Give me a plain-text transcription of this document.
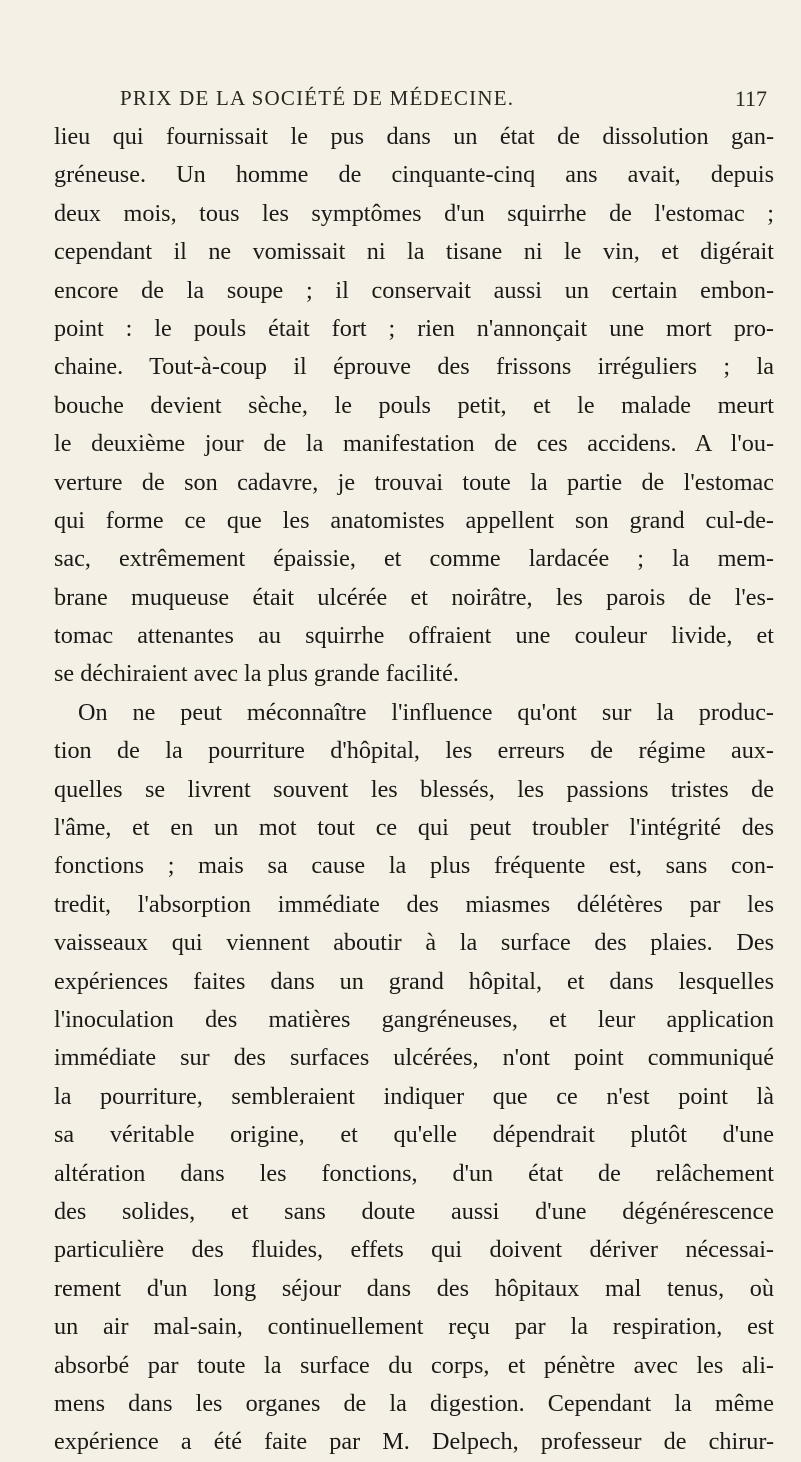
PRIX DE LA SOCIÉTÉ DE MÉDECINE.	117
lieu qui fournissait le pus dans un état de dissolution gan-
gréneuse. Un homme de cinquante-cinq ans avait, depuis
deux mois, tous les symptômes d'un squirrhe de l'estomac ;
cependant il ne vomissait ni la tisane ni le vin, et digérait
encore de la soupe ; il conservait aussi un certain embon-
point : le pouls était fort ; rien n'annonçait une mort pro-
chaine. Tout-à-coup il éprouve des frissons irréguliers ; la
bouche devient sèche, le pouls petit, et le malade meurt
le deuxième jour de la manifestation de ces accidens. A l'ou-
verture de son cadavre, je trouvai toute la partie de l'estomac
qui forme ce que les anatomistes appellent son grand cul-de-
sac, extrêmement épaissie, et comme lardacée ; la mem-
brane muqueuse était ulcérée et noirâtre, les parois de l'es-
tomac attenantes au squirrhe offraient une couleur livide, et
se déchiraient avec la plus grande facilité.
On ne peut méconnaître l'influence qu'ont sur la produc-
tion de la pourriture d'hôpital, les erreurs de régime aux-
quelles se livrent souvent les blessés, les passions tristes de
l'âme, et en un mot tout ce qui peut troubler l'intégrité des
fonctions ; mais sa cause la plus fréquente est, sans con-
tredit, l'absorption immédiate des miasmes délétères par les
vaisseaux qui viennent aboutir à la surface des plaies. Des
expériences faites dans un grand hôpital, et dans lesquelles
l'inoculation des matières gangréneuses, et leur application
immédiate sur des surfaces ulcérées, n'ont point communiqué
la pourriture, sembleraient indiquer que ce n'est point là
sa véritable origine, et qu'elle dépendrait plutôt d'une
altération dans les fonctions, d'un état de relâchement
des solides, et sans doute aussi d'une dégénérescence
particulière des fluides, effets qui doivent dériver nécessai-
rement d'un long séjour dans des hôpitaux mal tenus, où
un air mal-sain, continuellement reçu par la respiration, est
absorbé par toute la surface du corps, et pénètre avec les ali-
mens dans les organes de la digestion. Cependant la même
expérience a été faite par M. Delpech, professeur de chirur-
